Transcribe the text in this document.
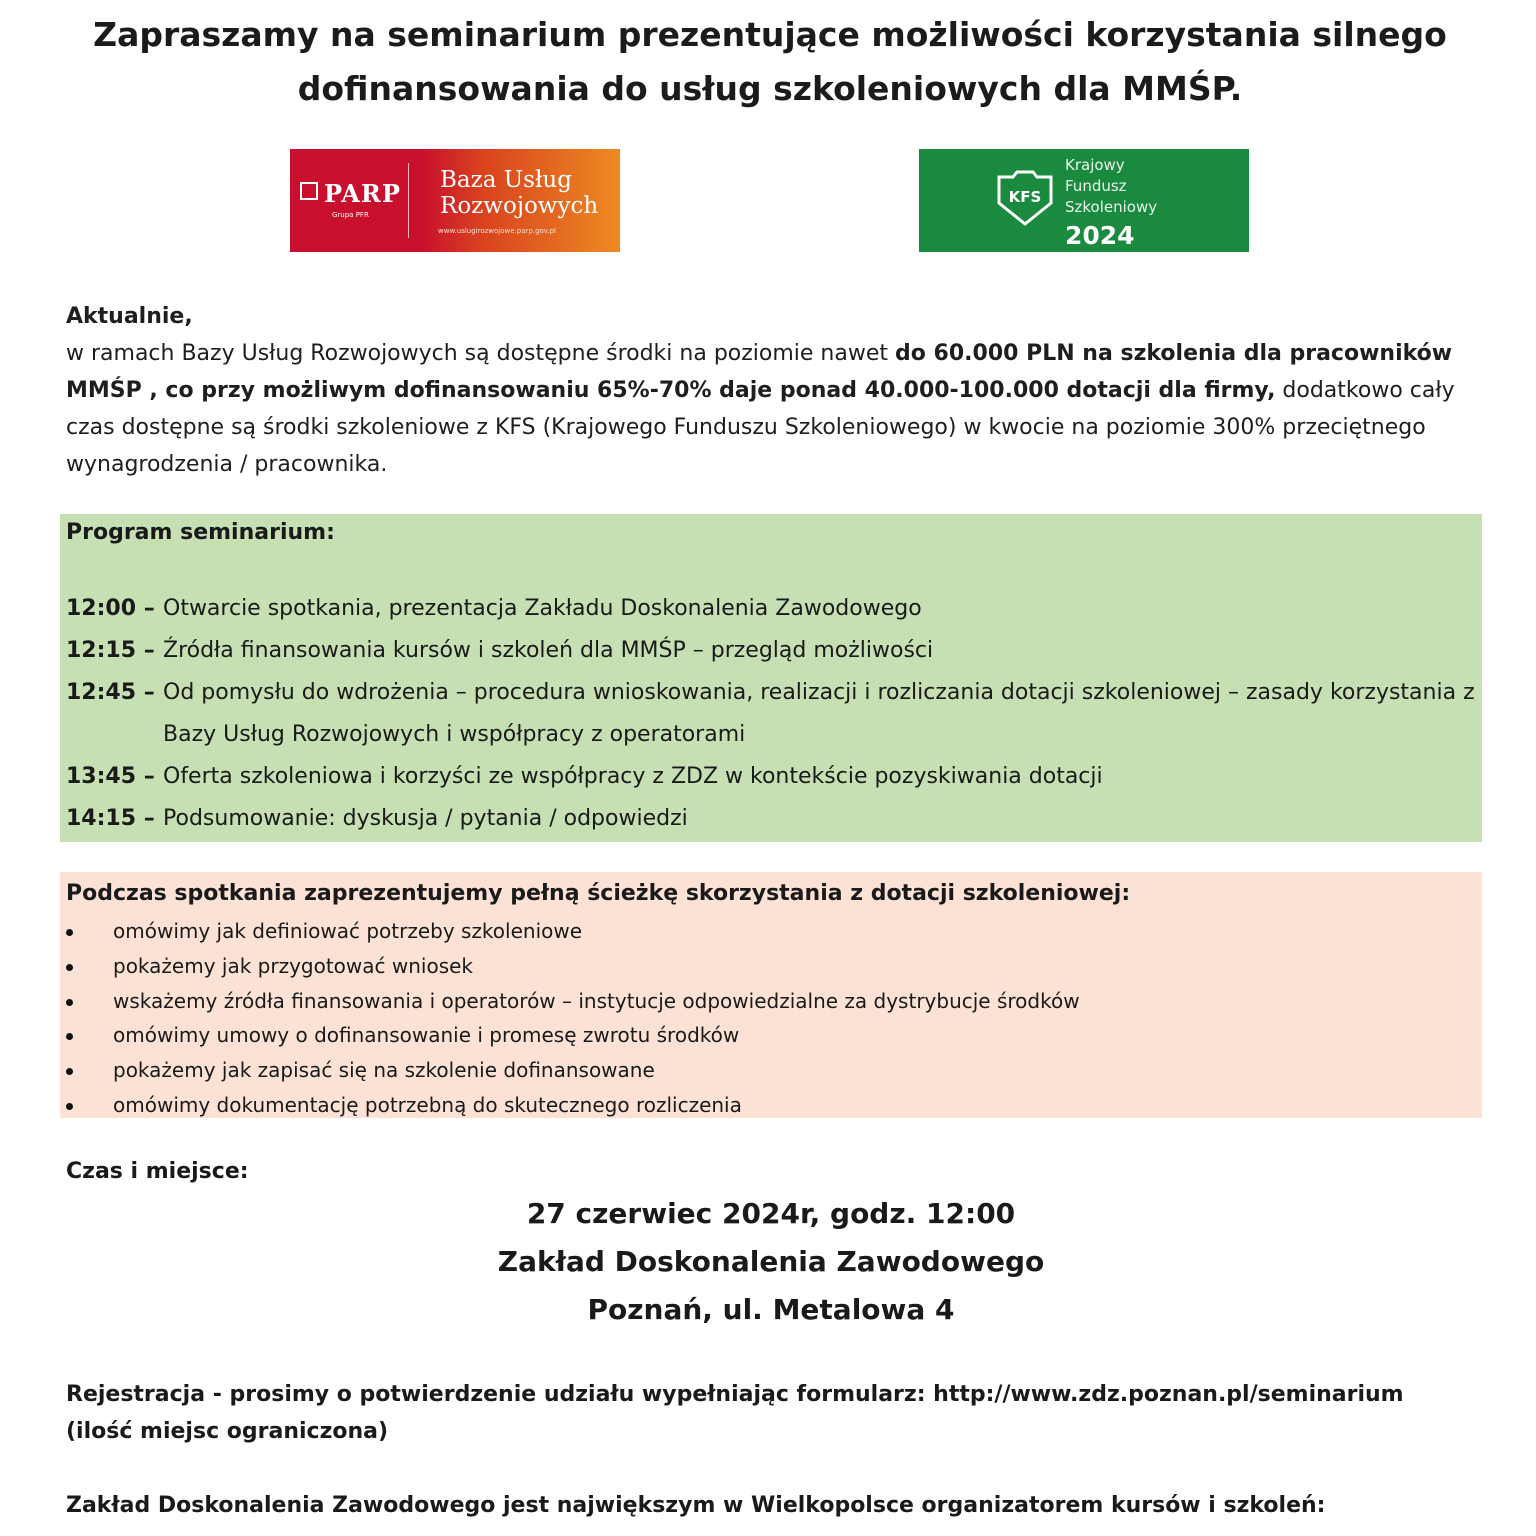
Zapraszamy na seminarium prezentujące możliwości korzystania silnego
dofinansowania do usług szkoleniowych dla MMŚP.
PARP
Grupa PFR
Baza Usług
Rozwojowych
www.uslugirozwojowe.parp.gov.pl
KFS
Krajowy
Fundusz
Szkoleniowy
2024
Aktualnie,
w ramach Bazy Usług Rozwojowych są dostępne środki na poziomie nawet do 60.000 PLN na szkolenia dla pracowników MMŚP , co przy możliwym dofinansowaniu 65%-70% daje ponad 40.000-100.000 dotacji dla firmy, dodatkowo cały czas dostępne są środki szkoleniowe z KFS (Krajowego Funduszu Szkoleniowego) w kwocie na poziomie 300% przeciętnego wynagrodzenia / pracownika.
Program seminarium:
12:00 – Otwarcie spotkania, prezentacja Zakładu Doskonalenia Zawodowego
12:15 – Źródła finansowania kursów i szkoleń dla MMŚP – przegląd możliwości
12:45 – Od pomysłu do wdrożenia – procedura wnioskowania, realizacji i rozliczania dotacji szkoleniowej – zasady korzystania z Bazy Usług Rozwojowych i współpracy z operatorami
13:45 – Oferta szkoleniowa i korzyści ze współpracy z ZDZ w kontekście pozyskiwania dotacji
14:15 – Podsumowanie: dyskusja / pytania / odpowiedzi
Podczas spotkania zaprezentujemy pełną ścieżkę skorzystania z dotacji szkoleniowej:
omówimy jak definiować potrzeby szkoleniowe
pokażemy jak przygotować wniosek
wskażemy źródła finansowania i operatorów – instytucje odpowiedzialne za dystrybucje środków
omówimy umowy o dofinansowanie i promesę zwrotu środków
pokażemy jak zapisać się na szkolenie dofinansowane
omówimy dokumentację potrzebną do skutecznego rozliczenia
Czas i miejsce:
27 czerwiec 2024r, godz. 12:00
Zakład Doskonalenia Zawodowego
Poznań, ul. Metalowa 4
Rejestracja - prosimy o potwierdzenie udziału wypełniając formularz: http://www.zdz.poznan.pl/seminarium
(ilość miejsc ograniczona)
Zakład Doskonalenia Zawodowego jest największym w Wielkopolsce organizatorem kursów i szkoleń:
